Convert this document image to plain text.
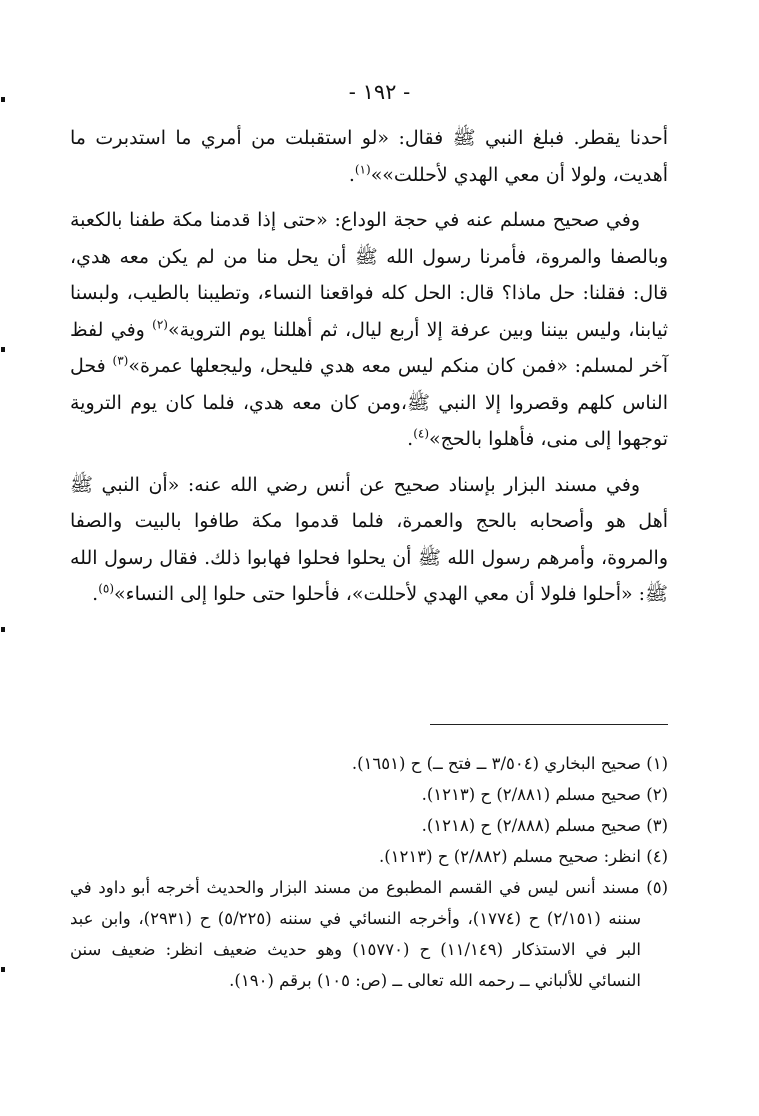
- ١٩٢ -

أحدنا يقطر. فبلغ النبي ﷺ فقال: «لو استقبلت من أمري ما استدبرت ما أهديت، ولولا أن معي الهدي لأحللت»»$^{(١)}$.

وفي صحيح مسلم عنه في حجة الوداع: «حتى إذا قدمنا مكة طفنا بالكعبة وبالصفا والمروة، فأمرنا رسول الله ﷺ أن يحل منا من لم يكن معه هدي، قال: فقلنا: حل ماذا؟ قال: الحل كله فواقعنا النساء، وتطيبنا بالطيب، ولبسنا ثيابنا، وليس بيننا وبين عرفة إلا أربع ليال، ثم أهللنا يوم التروية»$^{(٢)}$ وفي لفظ آخر لمسلم: «فمن كان منكم ليس معه هدي فليحل، وليجعلها عمرة»$^{(٣)}$ فحل الناس كلهم وقصروا إلا النبي ﷺ،ومن كان معه هدي، فلما كان يوم التروية توجهوا إلى منى، فأهلوا بالحج»$^{(٤)}$.

وفي مسند البزار بإسناد صحيح عن أنس رضي الله عنه: «أن النبي ﷺ أهل هو وأصحابه بالحج والعمرة، فلما قدموا مكة طافوا بالبيت والصفا والمروة، وأمرهم رسول الله ﷺ أن يحلوا فحلوا فهابوا ذلك. فقال رسول الله ﷺ: «أحلوا فلولا أن معي الهدي لأحللت»، فأحلوا حتى حلوا إلى النساء»$^{(٥)}$.

(١) صحيح البخاري (٣/٥٠٤ ــ فتح ــ) ح (١٦٥١).

(٢) صحيح مسلم (٢/٨٨١) ح (١٢١٣).

(٣) صحيح مسلم (٢/٨٨٨) ح (١٢١٨).

(٤) انظر: صحيح مسلم (٢/٨٨٢) ح (١٢١٣).

(٥) مسند أنس ليس في القسم المطبوع من مسند البزار والحديث أخرجه أبو داود في سننه (٢/١٥١) ح (١٧٧٤)، وأخرجه النسائي في سننه (٥/٢٢٥) ح (٢٩٣١)، وابن عبد البر في الاستذكار (١١/١٤٩) ح (١٥٧٧٠) وهو حديث ضعيف انظر: ضعيف سنن النسائي للألباني ــ رحمه الله تعالى ــ (ص: ١٠٥) برقم (١٩٠).
